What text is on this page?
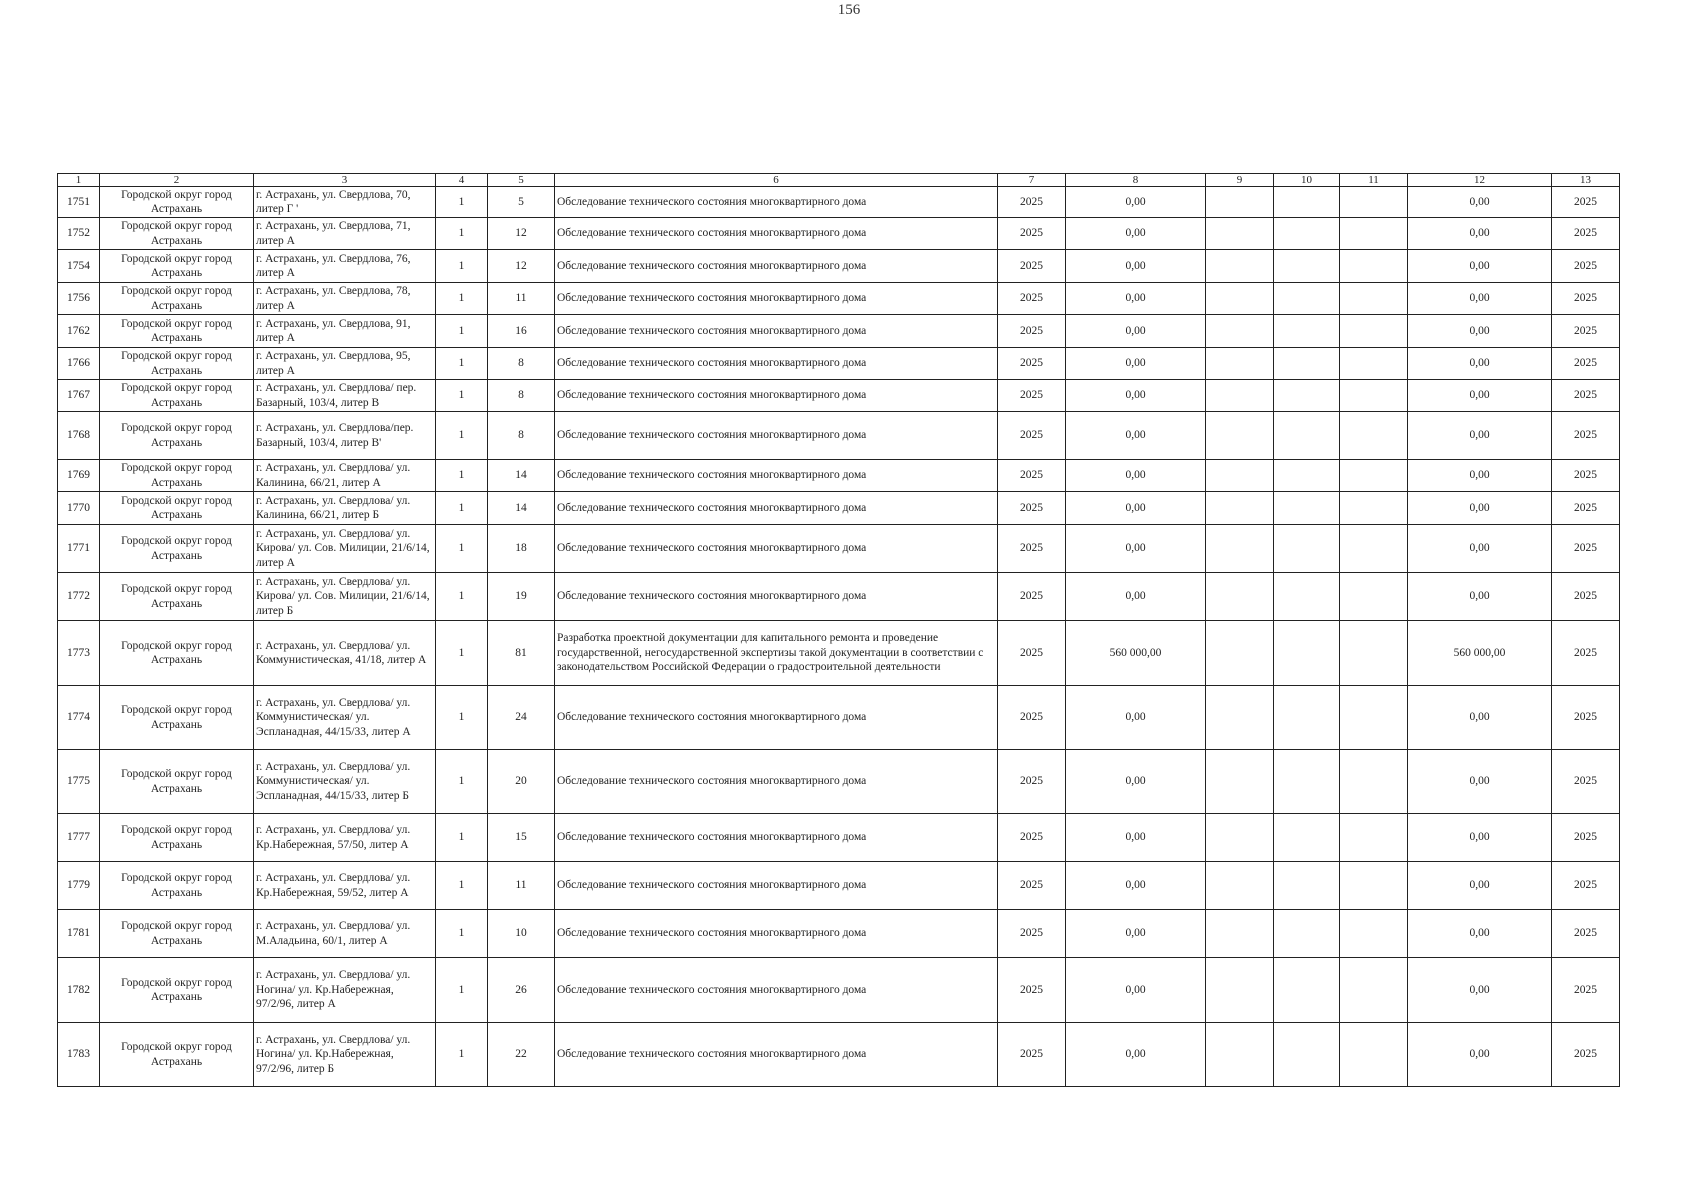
156
1	2	3	4	5	6	7	8	9	10	11	12	13
1751	Городской округ город Астрахань	г. Астрахань, ул. Свердлова, 70, литер Г '	1	5	Обследование технического состояния многоквартирного дома	2025	0,00				0,00	2025
1752	Городской округ город Астрахань	г. Астрахань, ул. Свердлова, 71, литер А	1	12	Обследование технического состояния многоквартирного дома	2025	0,00				0,00	2025
1754	Городской округ город Астрахань	г. Астрахань, ул. Свердлова, 76, литер А	1	12	Обследование технического состояния многоквартирного дома	2025	0,00				0,00	2025
1756	Городской округ город Астрахань	г. Астрахань, ул. Свердлова, 78, литер А	1	11	Обследование технического состояния многоквартирного дома	2025	0,00				0,00	2025
1762	Городской округ город Астрахань	г. Астрахань, ул. Свердлова, 91, литер А	1	16	Обследование технического состояния многоквартирного дома	2025	0,00				0,00	2025
1766	Городской округ город Астрахань	г. Астрахань, ул. Свердлова, 95, литер А	1	8	Обследование технического состояния многоквартирного дома	2025	0,00				0,00	2025
1767	Городской округ город Астрахань	г. Астрахань, ул. Свердлова/ пер. Базарный, 103/4, литер В	1	8	Обследование технического состояния многоквартирного дома	2025	0,00				0,00	2025
1768	Городской округ город Астрахань	г. Астрахань, ул. Свердлова/пер. Базарный, 103/4, литер В'	1	8	Обследование технического состояния многоквартирного дома	2025	0,00				0,00	2025
1769	Городской округ город Астрахань	г. Астрахань, ул. Свердлова/ ул. Калинина, 66/21, литер А	1	14	Обследование технического состояния многоквартирного дома	2025	0,00				0,00	2025
1770	Городской округ город Астрахань	г. Астрахань, ул. Свердлова/ ул. Калинина, 66/21, литер Б	1	14	Обследование технического состояния многоквартирного дома	2025	0,00				0,00	2025
1771	Городской округ город Астрахань	г. Астрахань, ул. Свердлова/ ул. Кирова/ ул. Сов. Милиции, 21/6/14, литер А	1	18	Обследование технического состояния многоквартирного дома	2025	0,00				0,00	2025
1772	Городской округ город Астрахань	г. Астрахань, ул. Свердлова/ ул. Кирова/ ул. Сов. Милиции, 21/6/14, литер Б	1	19	Обследование технического состояния многоквартирного дома	2025	0,00				0,00	2025
1773	Городской округ город Астрахань	г. Астрахань, ул. Свердлова/ ул. Коммунистическая, 41/18, литер А	1	81	Разработка проектной документации для капитального ремонта и проведение государственной, негосударственной экспертизы такой документации в соответствии с законодательством Российской Федерации о градостроительной деятельности	2025	560 000,00				560 000,00	2025
1774	Городской округ город Астрахань	г. Астрахань, ул. Свердлова/ ул. Коммунистическая/ ул. Эспланадная, 44/15/33, литер А	1	24	Обследование технического состояния многоквартирного дома	2025	0,00				0,00	2025
1775	Городской округ город Астрахань	г. Астрахань, ул. Свердлова/ ул. Коммунистическая/ ул. Эспланадная, 44/15/33, литер Б	1	20	Обследование технического состояния многоквартирного дома	2025	0,00				0,00	2025
1777	Городской округ город Астрахань	г. Астрахань, ул. Свердлова/ ул. Кр.Набережная, 57/50, литер А	1	15	Обследование технического состояния многоквартирного дома	2025	0,00				0,00	2025
1779	Городской округ город Астрахань	г. Астрахань, ул. Свердлова/ ул. Кр.Набережная, 59/52, литер А	1	11	Обследование технического состояния многоквартирного дома	2025	0,00				0,00	2025
1781	Городской округ город Астрахань	г. Астрахань, ул. Свердлова/ ул. М.Аладьина, 60/1, литер А	1	10	Обследование технического состояния многоквартирного дома	2025	0,00				0,00	2025
1782	Городской округ город Астрахань	г. Астрахань, ул. Свердлова/ ул. Ногина/ ул. Кр.Набережная, 97/2/96, литер А	1	26	Обследование технического состояния многоквартирного дома	2025	0,00				0,00	2025
1783	Городской округ город Астрахань	г. Астрахань, ул. Свердлова/ ул. Ногина/ ул. Кр.Набережная, 97/2/96, литер Б	1	22	Обследование технического состояния многоквартирного дома	2025	0,00				0,00	2025
